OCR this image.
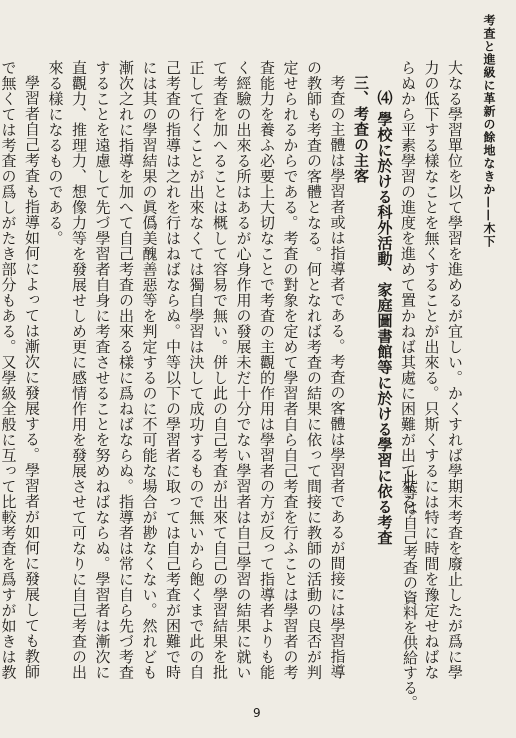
考査と進級に革新の餘地なきか——木下

大なる學習單位を以て學習を進めるが宜しい。かくすれば學期末考査を廢止したが爲に學力の低下する樣なことを無くすることが出來る。只斯くするには特に時間を豫定せねばならぬから平素學習の進度を進めて置かねば其處に困難が出て來る。

⑷ 學校に於ける科外活動、家庭圖書館等に於ける學習に依る考査

三、考査の主客

考査の主體は學習者或は指導者である。考査の客體は學習者であるが間接には學習指導の教師も考査の客體となる。何となれば考査の結果に依って間接に教師の活動の良否が判定せられるからである。考査の對象を定めて學習者自ら自己考査を行ふことは學習者の考査能力を養ふ必要上大切なことで考査の主觀的作用は學習者の方が反って指導者よりも能く經驗の出來る所はあるが心身作用の發展未だ十分でない學習者は自己學習の結果に就いて考査を加へることは概して容易で無い。併し此の自己考査が出來て自己の學習結果を批正して行くことが出來なくては獨自學習は決して成功するもので無いから飽くまで此の自己考査の指導は之れを行はねばならぬ。中等以下の學習者に取っては自己考査が困難で時には其の學習結果の眞僞美醜善惡等を判定するのに不可能な場合が尠なくない。然れども漸次之れに指導を加へて自己考査の出來る樣に爲ねばならぬ。指導者は常に自ら先づ考査することを遠慮して先づ學習者自身に考査させることを努めねばならぬ。學習者は漸次に直觀力、推理力、想像力等を發展せしめ更に感情作用を發展させて可なりに自己考査の出來る樣になるものである。

學習者自己考査も指導如何によっては漸次に發展する。學習者が如何に發展しても教師で無くては考査の爲しがたき部分もある。又學級全般に互って比較考査を爲すが如きは教	此等は自己考査の資料を供給する。
9
